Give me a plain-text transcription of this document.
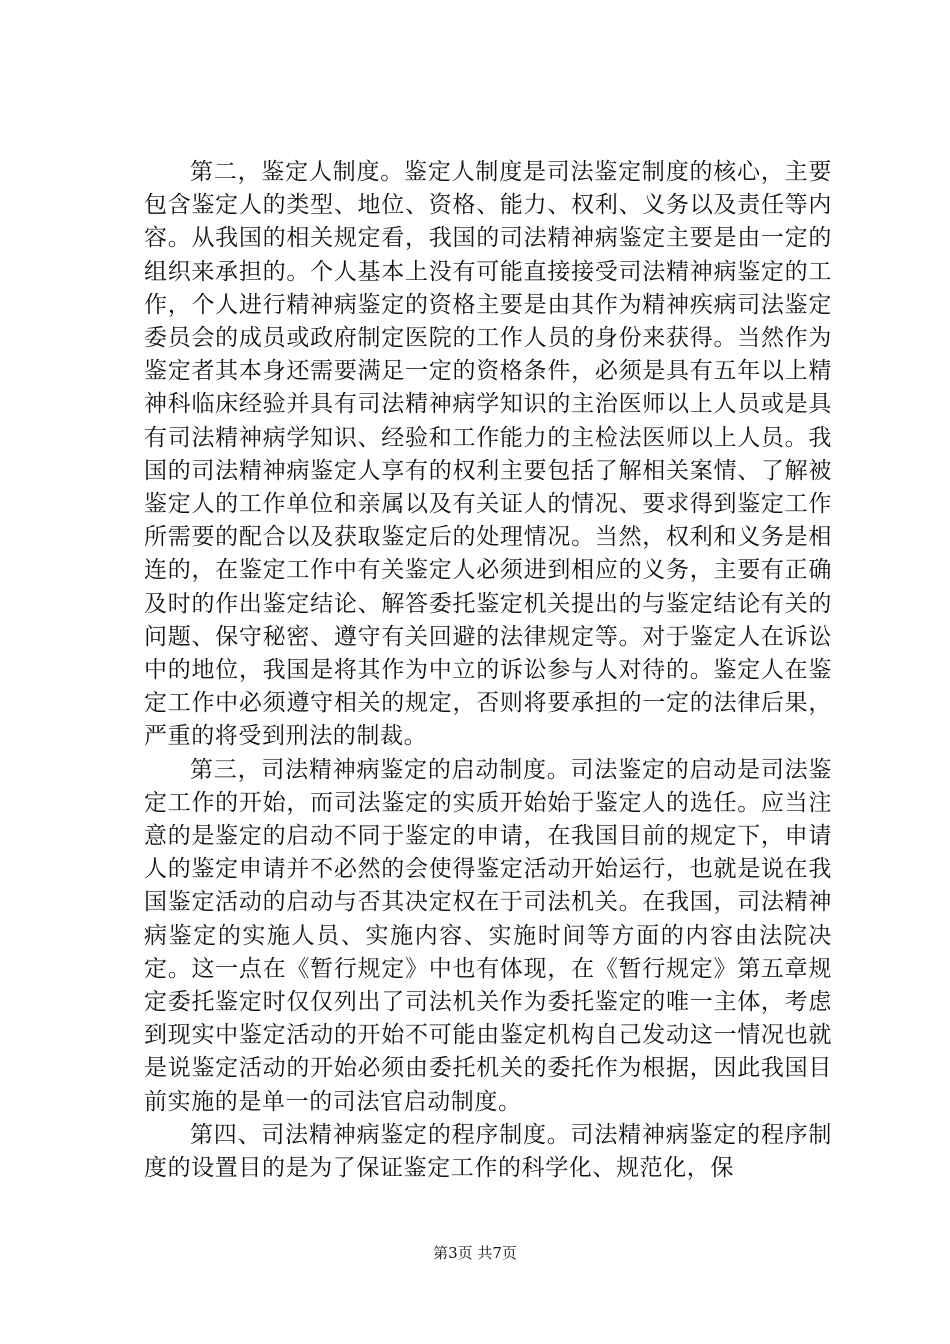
第二，鉴定人制度。鉴定人制度是司法鉴定制度的核心，主要包含鉴定人的类型、地位、资格、能力、权利、义务以及责任等内容。从我国的相关规定看，我国的司法精神病鉴定主要是由一定的组织来承担的。个人基本上没有可能直接接受司法精神病鉴定的工作，个人进行精神病鉴定的资格主要是由其作为精神疾病司法鉴定委员会的成员或政府制定医院的工作人员的身份来获得。当然作为鉴定者其本身还需要满足一定的资格条件，必须是具有五年以上精神科临床经验并具有司法精神病学知识的主治医师以上人员或是具有司法精神病学知识、经验和工作能力的主检法医师以上人员。我国的司法精神病鉴定人享有的权利主要包括了解相关案情、了解被鉴定人的工作单位和亲属以及有关证人的情况、要求得到鉴定工作所需要的配合以及获取鉴定后的处理情况。当然，权利和义务是相连的，在鉴定工作中有关鉴定人必须进到相应的义务，主要有正确及时的作出鉴定结论、解答委托鉴定机关提出的与鉴定结论有关的问题、保守秘密、遵守有关回避的法律规定等。对于鉴定人在诉讼中的地位，我国是将其作为中立的诉讼参与人对待的。鉴定人在鉴定工作中必须遵守相关的规定，否则将要承担的一定的法律后果，严重的将受到刑法的制裁。

第三，司法精神病鉴定的启动制度。司法鉴定的启动是司法鉴定工作的开始，而司法鉴定的实质开始始于鉴定人的选任。应当注意的是鉴定的启动不同于鉴定的申请，在我国目前的规定下，申请人的鉴定申请并不必然的会使得鉴定活动开始运行，也就是说在我国鉴定活动的启动与否其决定权在于司法机关。在我国，司法精神病鉴定的实施人员、实施内容、实施时间等方面的内容由法院决定。这一点在《暂行规定》中也有体现，在《暂行规定》第五章规定委托鉴定时仅仅列出了司法机关作为委托鉴定的唯一主体，考虑到现实中鉴定活动的开始不可能由鉴定机构自己发动这一情况也就是说鉴定活动的开始必须由委托机关的委托作为根据，因此我国目前实施的是单一的司法官启动制度。

第四、司法精神病鉴定的程序制度。司法精神病鉴定的程序制度的设置目的是为了保证鉴定工作的科学化、规范化，保

第3页 共7页
